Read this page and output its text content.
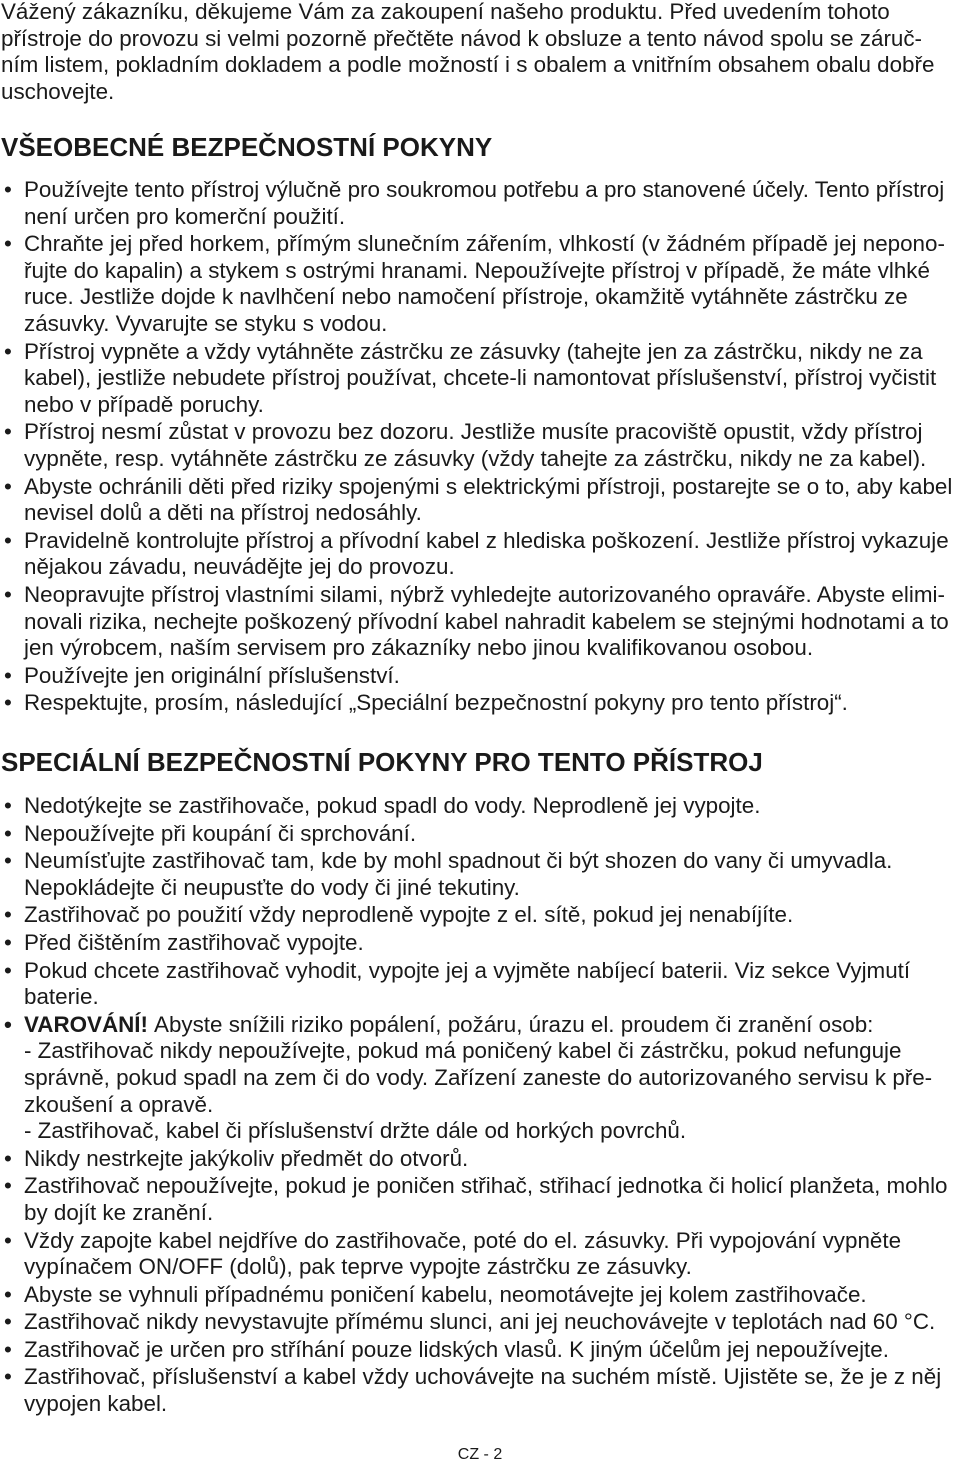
Vážený zákazníku, děkujeme Vám za zakoupení našeho produktu. Před uvedením tohoto
přístroje do provozu si velmi pozorně přečtěte návod k obsluze a tento návod spolu se záruč-
ním listem, pokladním dokladem a podle možností i s obalem a vnitřním obsahem obalu dobře
uschovejte.
VŠEOBECNÉ BEZPEČNOSTNÍ POKYNY
• Používejte tento přístroj výlučně pro soukromou potřebu a pro stanovené účely. Tento přístroj
není určen pro komerční použití.
• Chraňte jej před horkem, přímým slunečním zářením, vlhkostí (v žádném případě jej nepono-
řujte do kapalin) a stykem s ostrými hranami. Nepoužívejte přístroj v případě, že máte vlhké
ruce. Jestliže dojde k navlhčení nebo namočení přístroje, okamžitě vytáhněte zástrčku ze
zásuvky. Vyvarujte se styku s vodou.
• Přístroj vypněte a vždy vytáhněte zástrčku ze zásuvky (tahejte jen za zástrčku, nikdy ne za
kabel), jestliže nebudete přístroj používat, chcete-li namontovat příslušenství, přístroj vyčistit
nebo v případě poruchy.
• Přístroj nesmí zůstat v provozu bez dozoru. Jestliže musíte pracoviště opustit, vždy přístroj
vypněte, resp. vytáhněte zástrčku ze zásuvky (vždy tahejte za zástrčku, nikdy ne za kabel).
• Abyste ochránili děti před riziky spojenými s elektrickými přístroji, postarejte se o to, aby kabel
nevisel dolů a děti na přístroj nedosáhly.
• Pravidelně kontrolujte přístroj a přívodní kabel z hlediska poškození. Jestliže přístroj vykazuje
nějakou závadu, neuvádějte jej do provozu.
• Neopravujte přístroj vlastními silami, nýbrž vyhledejte autorizovaného opraváře. Abyste elimi-
novali rizika, nechejte poškozený přívodní kabel nahradit kabelem se stejnými hodnotami a to
jen výrobcem, naším servisem pro zákazníky nebo jinou kvalifikovanou osobou.
• Používejte jen originální příslušenství.
• Respektujte, prosím, následující „Speciální bezpečnostní pokyny pro tento přístroj“.
SPECIÁLNÍ BEZPEČNOSTNÍ POKYNY PRO TENTO PŘÍSTROJ
• Nedotýkejte se zastřihovače, pokud spadl do vody. Neprodleně jej vypojte.
• Nepoužívejte při koupání či sprchování.
• Neumísťujte zastřihovač tam, kde by mohl spadnout či být shozen do vany či umyvadla.
Nepokládejte či neupusťte do vody či jiné tekutiny.
• Zastřihovač po použití vždy neprodleně vypojte z el. sítě, pokud jej nenabíjíte.
• Před čištěním zastřihovač vypojte.
• Pokud chcete zastřihovač vyhodit, vypojte jej a vyjměte nabíjecí baterii. Viz sekce Vyjmutí
baterie.
• VAROVÁNÍ! Abyste snížili riziko popálení, požáru, úrazu el. proudem či zranění osob:
- Zastřihovač nikdy nepoužívejte, pokud má poničený kabel či zástrčku, pokud nefunguje
správně, pokud spadl na zem či do vody. Zařízení zaneste do autorizovaného servisu k pře-
zkoušení a opravě.
- Zastřihovač, kabel či příslušenství držte dále od horkých povrchů.
• Nikdy nestrkejte jakýkoliv předmět do otvorů.
• Zastřihovač nepoužívejte, pokud je poničen střihač, střihací jednotka či holicí planžeta, mohlo
by dojít ke zranění.
• Vždy zapojte kabel nejdříve do zastřihovače, poté do el. zásuvky. Při vypojování vypněte
vypínačem ON/OFF (dolů), pak teprve vypojte zástrčku ze zásuvky.
• Abyste se vyhnuli případnému poničení kabelu, neomotávejte jej kolem zastřihovače.
• Zastřihovač nikdy nevystavujte přímému slunci, ani jej neuchovávejte v teplotách nad 60 °C.
• Zastřihovač je určen pro stříhání pouze lidských vlasů. K jiným účelům jej nepoužívejte.
• Zastřihovač, příslušenství a kabel vždy uchovávejte na suchém místě. Ujistěte se, že je z něj
vypojen kabel.
CZ - 2
